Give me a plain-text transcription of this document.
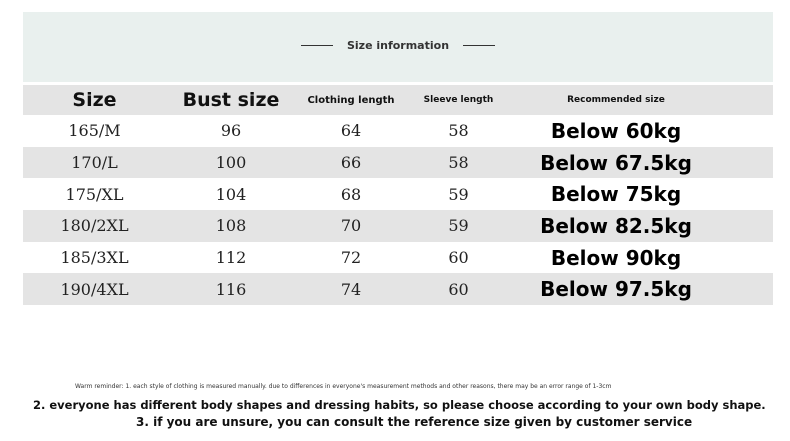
Size information
Size	Bust size	Clothing length	Sleeve length	Recommended size
165/M	96	64	58	Below 60kg
170/L	100	66	58	Below 67.5kg
175/XL	104	68	59	Below 75kg
180/2XL	108	70	59	Below 82.5kg
185/3XL	112	72	60	Below 90kg
190/4XL	116	74	60	Below 97.5kg
Warm reminder: 1. each style of clothing is measured manually. due to differences in everyone's measurement methods and other reasons, there may be an error range of 1-3cm
2. everyone has different body shapes and dressing habits, so please choose according to your own body shape.
3. if you are unsure, you can consult the reference size given by customer service
